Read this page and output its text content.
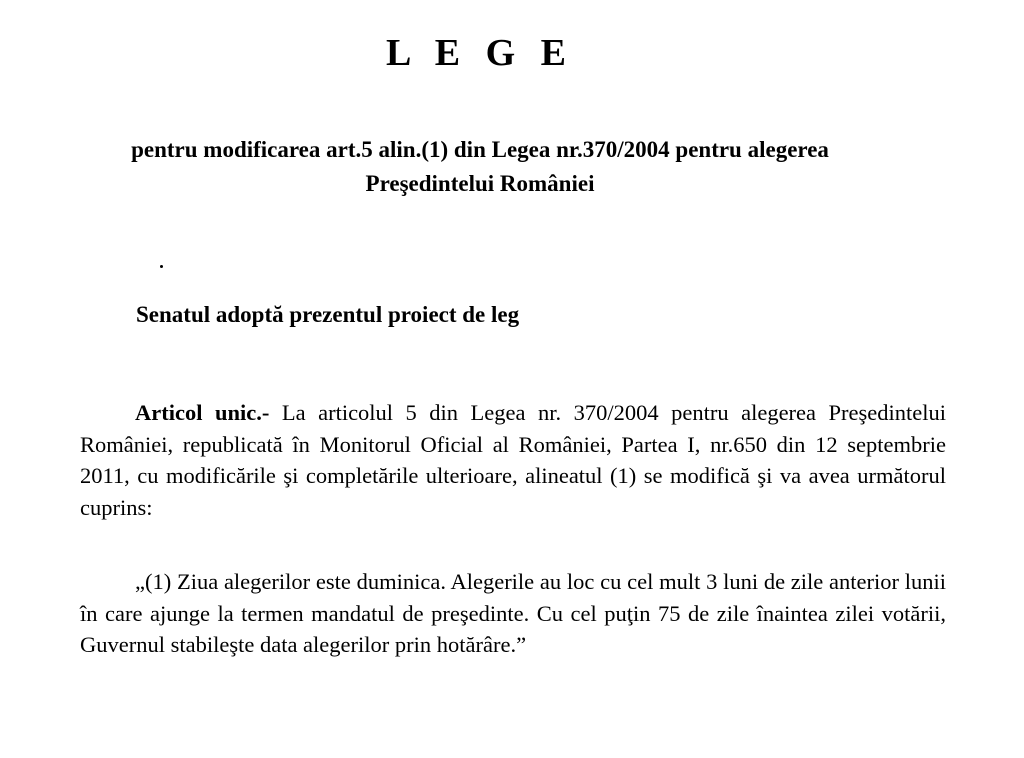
L E G E
pentru modificarea art.5 alin.(1) din Legea nr.370/2004 pentru alegerea
Preşedintelui României
Senatul adoptă prezentul proiect de leg

Articol unic.- La articolul 5 din Legea nr. 370/2004 pentru alegerea Preşedintelui României, republicată în Monitorul Oficial al României, Partea I, nr.650 din 12 septembrie 2011, cu modificările şi completările ulterioare, alineatul (1) se modifică şi va avea următorul cuprins:

„(1) Ziua alegerilor este duminica. Alegerile au loc cu cel mult 3 luni de zile anterior lunii în care ajunge la termen mandatul de preşedinte. Cu cel puţin 75 de zile înaintea zilei votării, Guvernul stabileşte data alegerilor prin hotărâre.”
